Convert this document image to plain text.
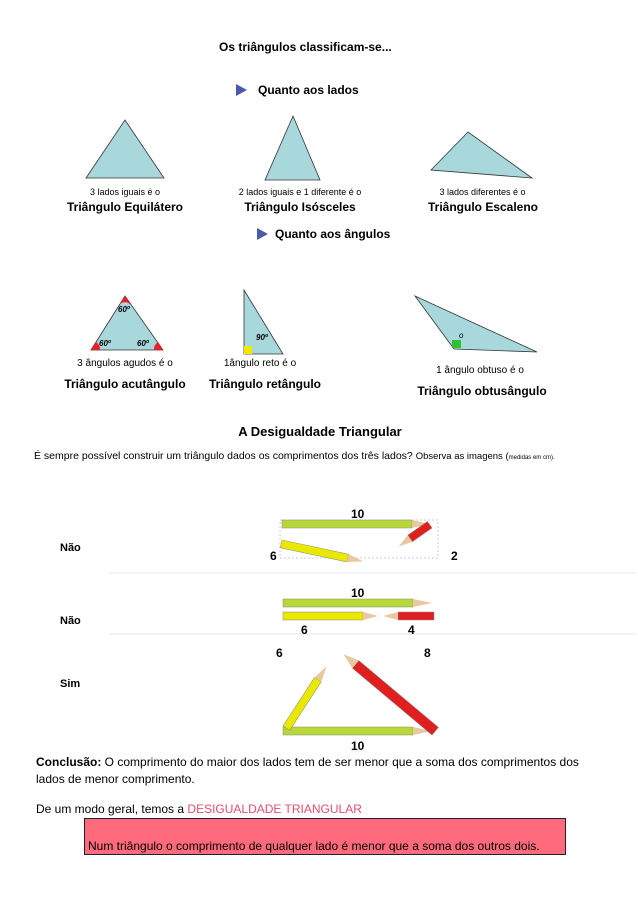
Os triângulos classificam-se...
Quanto aos lados
3 lados iguais é o
Triângulo Equilátero
2 lados iguais e 1 diferente é o
Triângulo Isósceles
3 lados diferentes é o
Triângulo Escaleno
Quanto aos ângulos
60º
60º	60º
90º	o
3 ângulos agudos é o
Triângulo acutângulo
1ângulo reto é o
Triângulo retângulo
1 ângulo obtuso é o
Triângulo obtusângulo
A Desigualdade Triangular
É sempre possível construir um triângulo dados os comprimentos dos três lados? Observa as imagens (medidas em cm).
Não
10
6	2
Não
10
6	4
Sim
6	8
10
Conclusão: O comprimento do maior dos lados tem de ser menor que a soma dos comprimentos dos lados de menor comprimento.
De um modo geral, temos a DESIGUALDADE TRIANGULAR
Num triângulo o comprimento de qualquer lado é menor que a soma dos outros dois.
